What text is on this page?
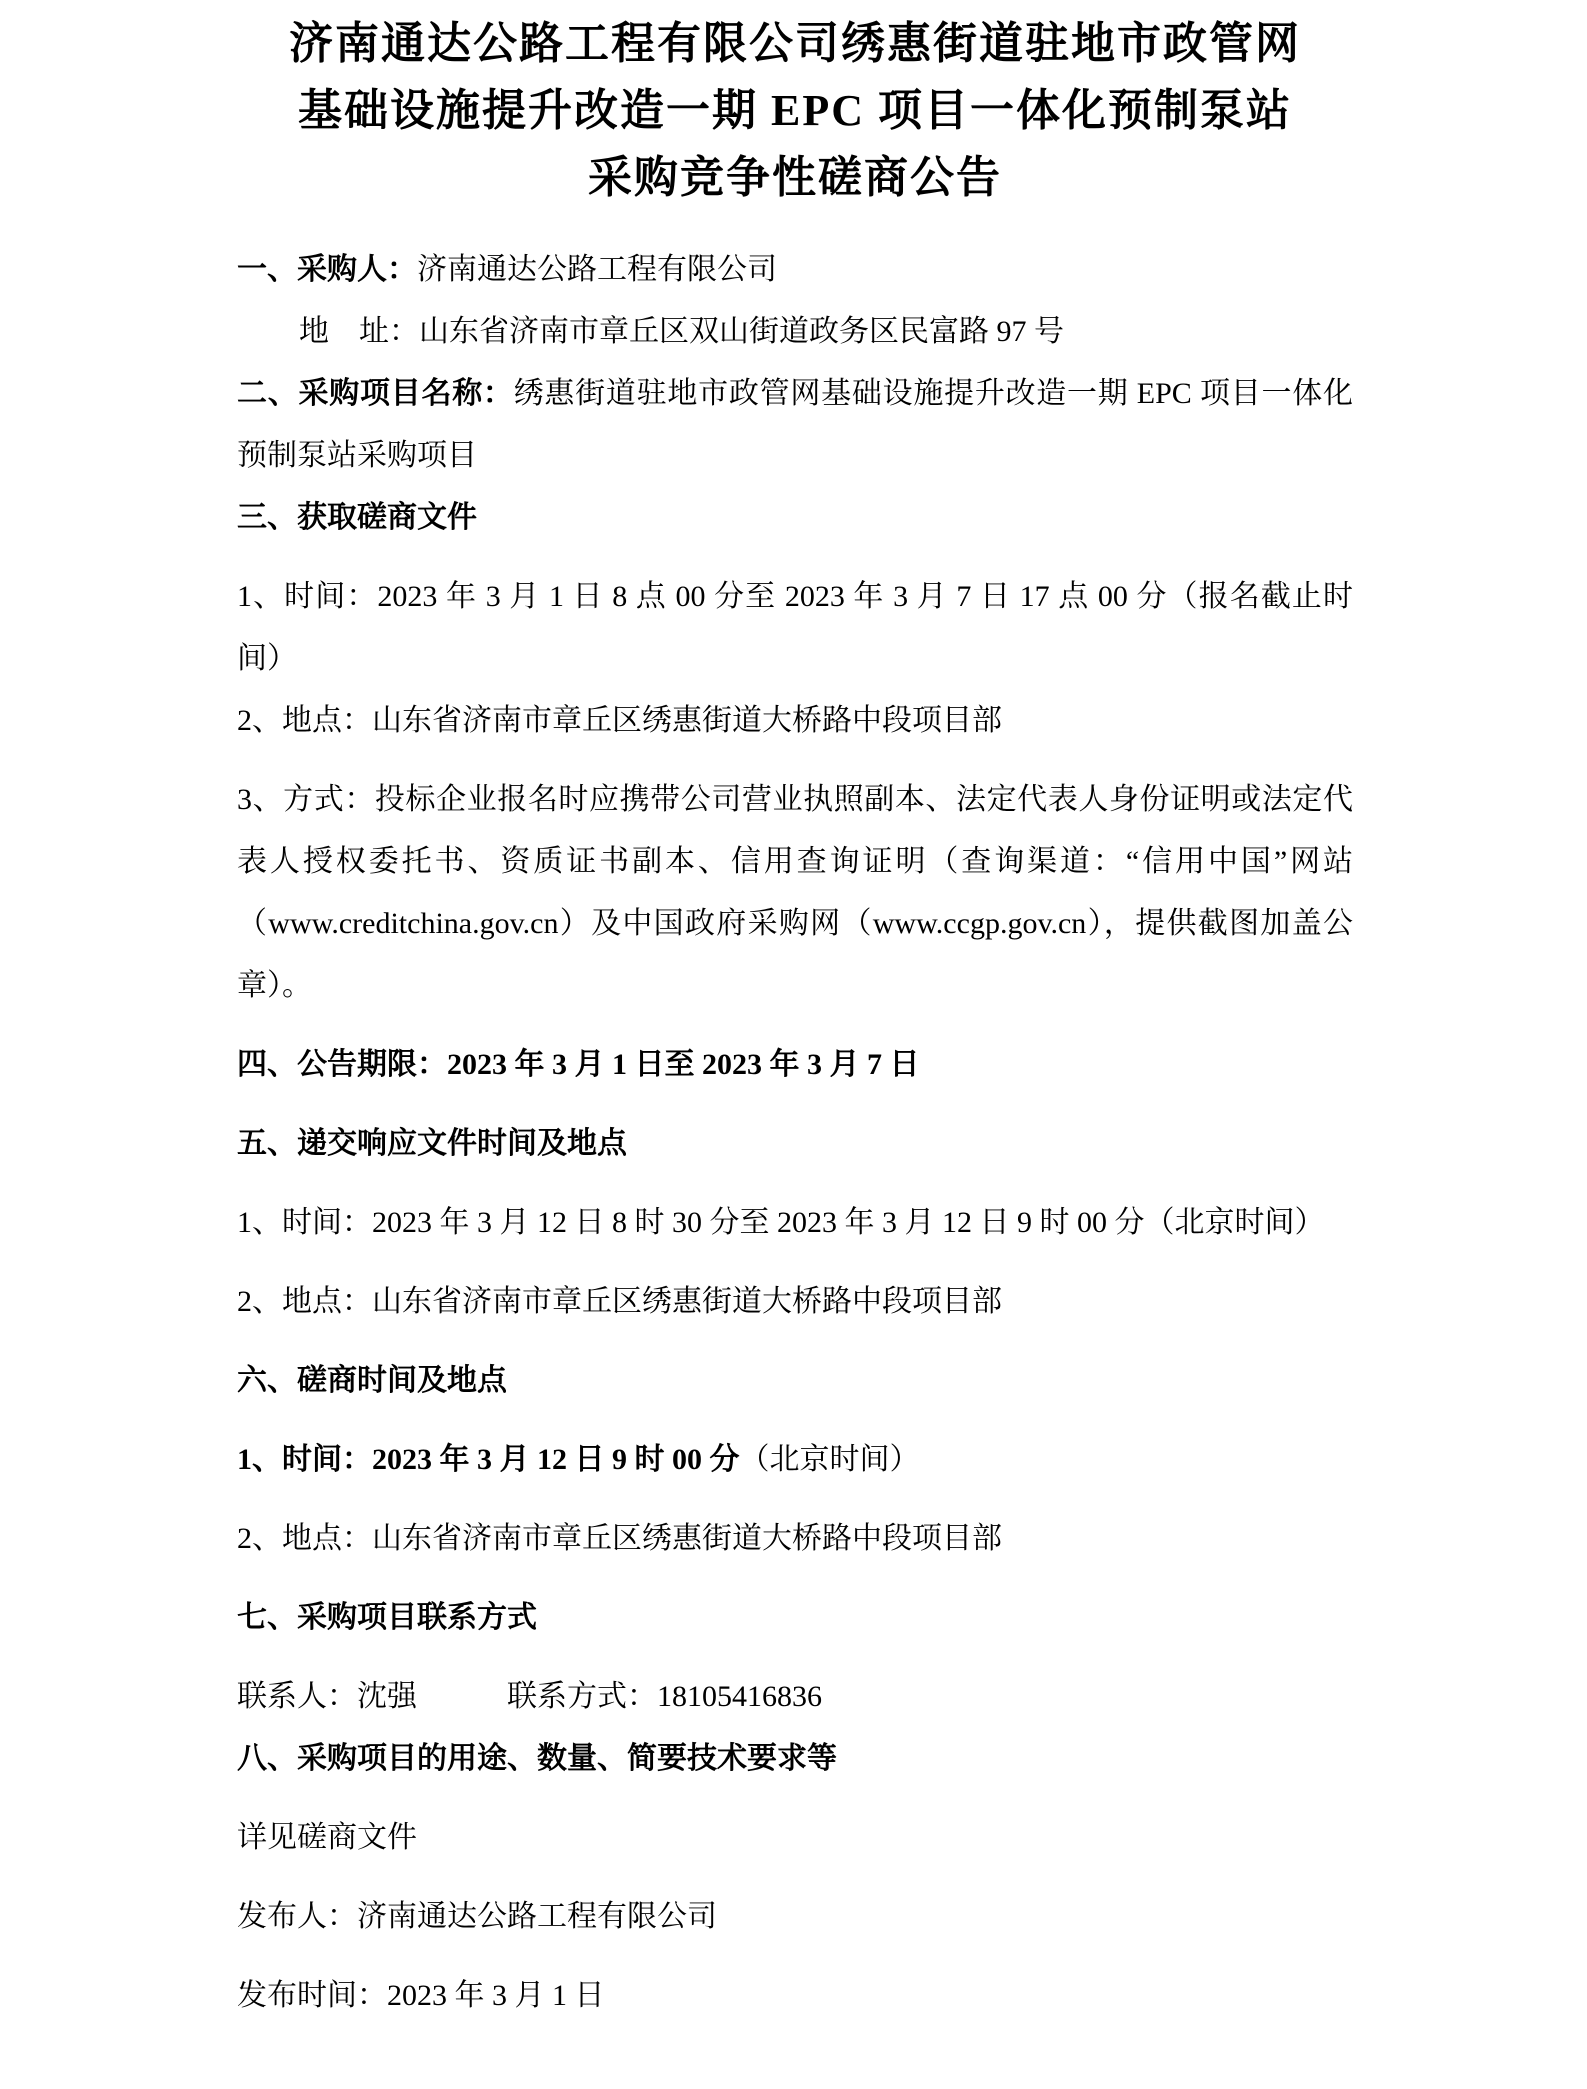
济南通达公路工程有限公司绣惠街道驻地市政管网
基础设施提升改造一期 EPC 项目一体化预制泵站
采购竞争性磋商公告

一、采购人：济南通达公路工程有限公司

地　址：山东省济南市章丘区双山街道政务区民富路 97 号

二、采购项目名称：绣惠街道驻地市政管网基础设施提升改造一期 EPC 项目一体化预制泵站采购项目

三、获取磋商文件

1、时间：2023 年 3 月 1 日 8 点 00 分至 2023 年 3 月 7 日 17 点 00 分（报名截止时间）

2、地点：山东省济南市章丘区绣惠街道大桥路中段项目部

3、方式：投标企业报名时应携带公司营业执照副本、法定代表人身份证明或法定代表人授权委托书、资质证书副本、信用查询证明（查询渠道：“信用中国”网站（www.creditchina.gov.cn）及中国政府采购网（www.ccgp.gov.cn），提供截图加盖公章）。

四、公告期限：2023 年 3 月 1 日至 2023 年 3 月 7 日

五、递交响应文件时间及地点

1、时间：2023 年 3 月 12 日 8 时 30 分至 2023 年 3 月 12 日 9 时 00 分（北京时间）

2、地点：山东省济南市章丘区绣惠街道大桥路中段项目部

六、磋商时间及地点

1、时间：2023 年 3 月 12 日 9 时 00 分（北京时间）

2、地点：山东省济南市章丘区绣惠街道大桥路中段项目部

七、采购项目联系方式

联系人：沈强　　　联系方式：18105416836

八、采购项目的用途、数量、简要技术要求等

详见磋商文件

发布人：济南通达公路工程有限公司

发布时间：2023 年 3 月 1 日
